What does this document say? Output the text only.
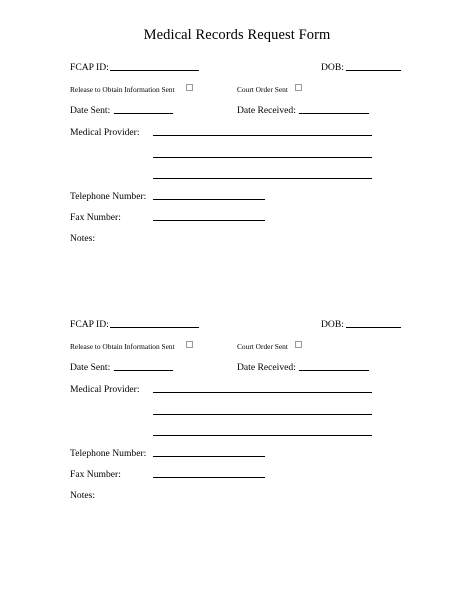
Medical Records Request Form
FCAP ID:	DOB:
Release to Obtain Information Sent	Court Order Sent
Date Sent:	Date Received:
Medical Provider:
Telephone Number:
Fax Number:
Notes:
FCAP ID:	DOB:
Release to Obtain Information Sent	Court Order Sent
Date Sent:	Date Received:
Medical Provider:
Telephone Number:
Fax Number:
Notes:
